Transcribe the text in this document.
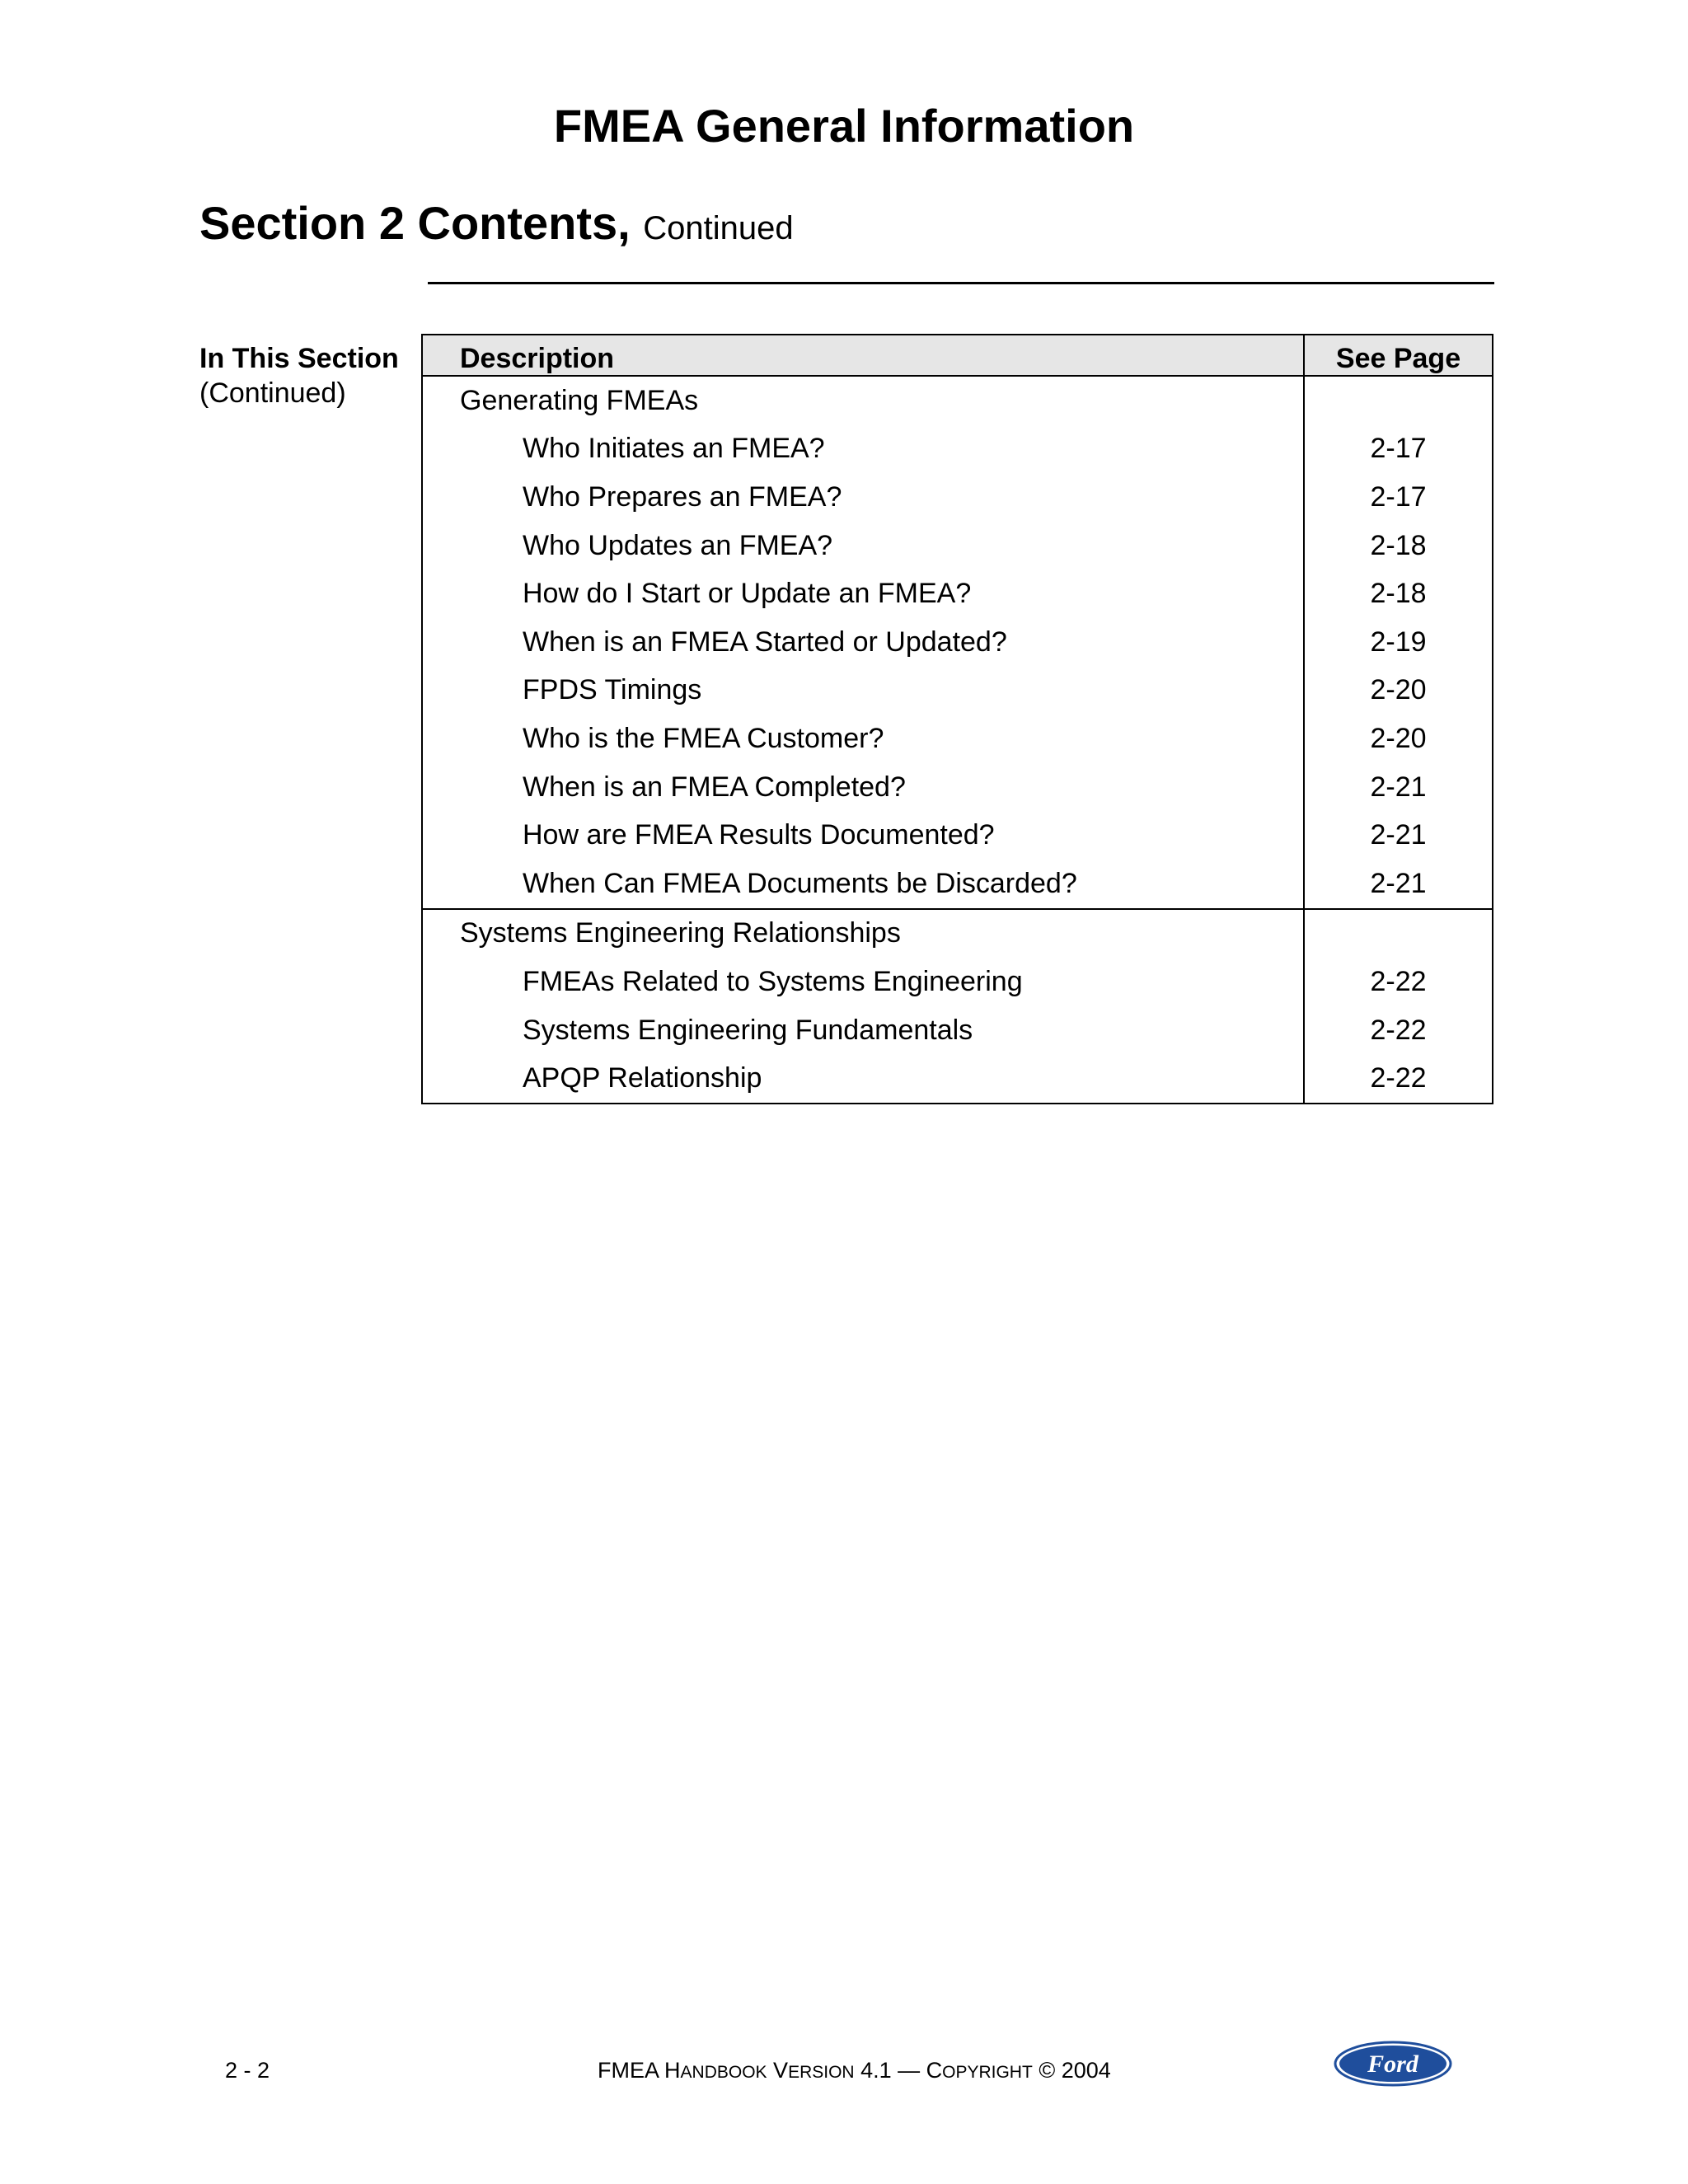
FMEA General Information
Section 2 Contents, Continued
In This Section
(Continued)
Description	See Page
Generating FMEAs	
Who Initiates an FMEA?	2-17
Who Prepares an FMEA?	2-17
Who Updates an FMEA?	2-18
How do I Start or Update an FMEA?	2-18
When is an FMEA Started or Updated?	2-19
FPDS Timings	2-20
Who is the FMEA Customer?	2-20
When is an FMEA Completed?	2-21
How are FMEA Results Documented?	2-21
When Can FMEA Documents be Discarded?	2-21
Systems Engineering Relationships	
FMEAs Related to Systems Engineering	2-22
Systems Engineering Fundamentals	2-22
APQP Relationship	2-22
2 - 2	FMEA HANDBOOK VERSION 4.1 — COPYRIGHT © 2004	Ford
